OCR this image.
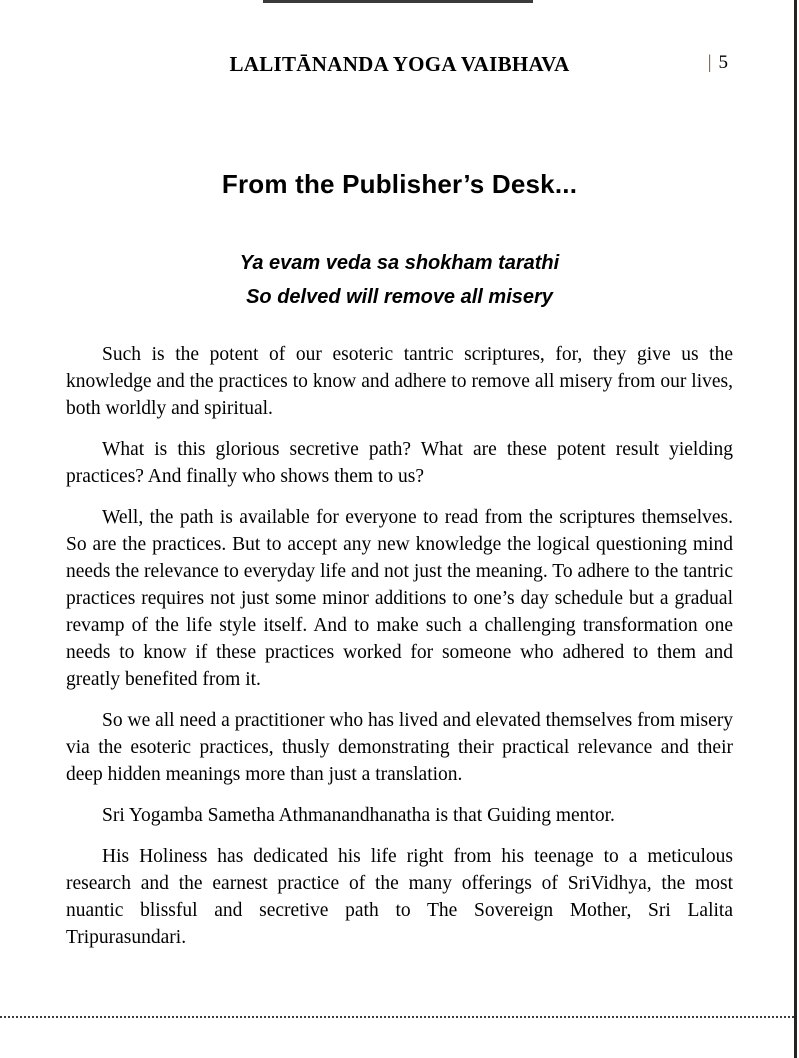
LALITĀNANDA YOGA VAIBHAVA	| 5
From the Publisher’s Desk...
Ya evam veda sa shokham tarathi
So delved will remove all misery

Such is the potent of our esoteric tantric scriptures, for, they give us the knowledge and the practices to know and adhere to remove all misery from our lives, both worldly and spiritual.

What is this glorious secretive path? What are these potent result yielding practices? And finally who shows them to us?

Well, the path is available for everyone to read from the scriptures themselves. So are the practices. But to accept any new knowledge the logical questioning mind needs the relevance to everyday life and not just the meaning. To adhere to the tantric practices requires not just some minor additions to one’s day schedule but a gradual revamp of the life style itself. And to make such a challenging transformation one needs to know if these practices worked for someone who adhered to them and greatly benefited from it.

So we all need a practitioner who has lived and elevated themselves from misery via the esoteric practices, thusly demonstrating their practical relevance and their deep hidden meanings more than just a translation.

Sri Yogamba Sametha Athmanandhanatha is that Guiding mentor.

His Holiness has dedicated his life right from his teenage to a meticulous research and the earnest practice of the many offerings of SriVidhya, the most nuantic blissful and secretive path to The Sovereign Mother, Sri Lalita Tripurasundari.
